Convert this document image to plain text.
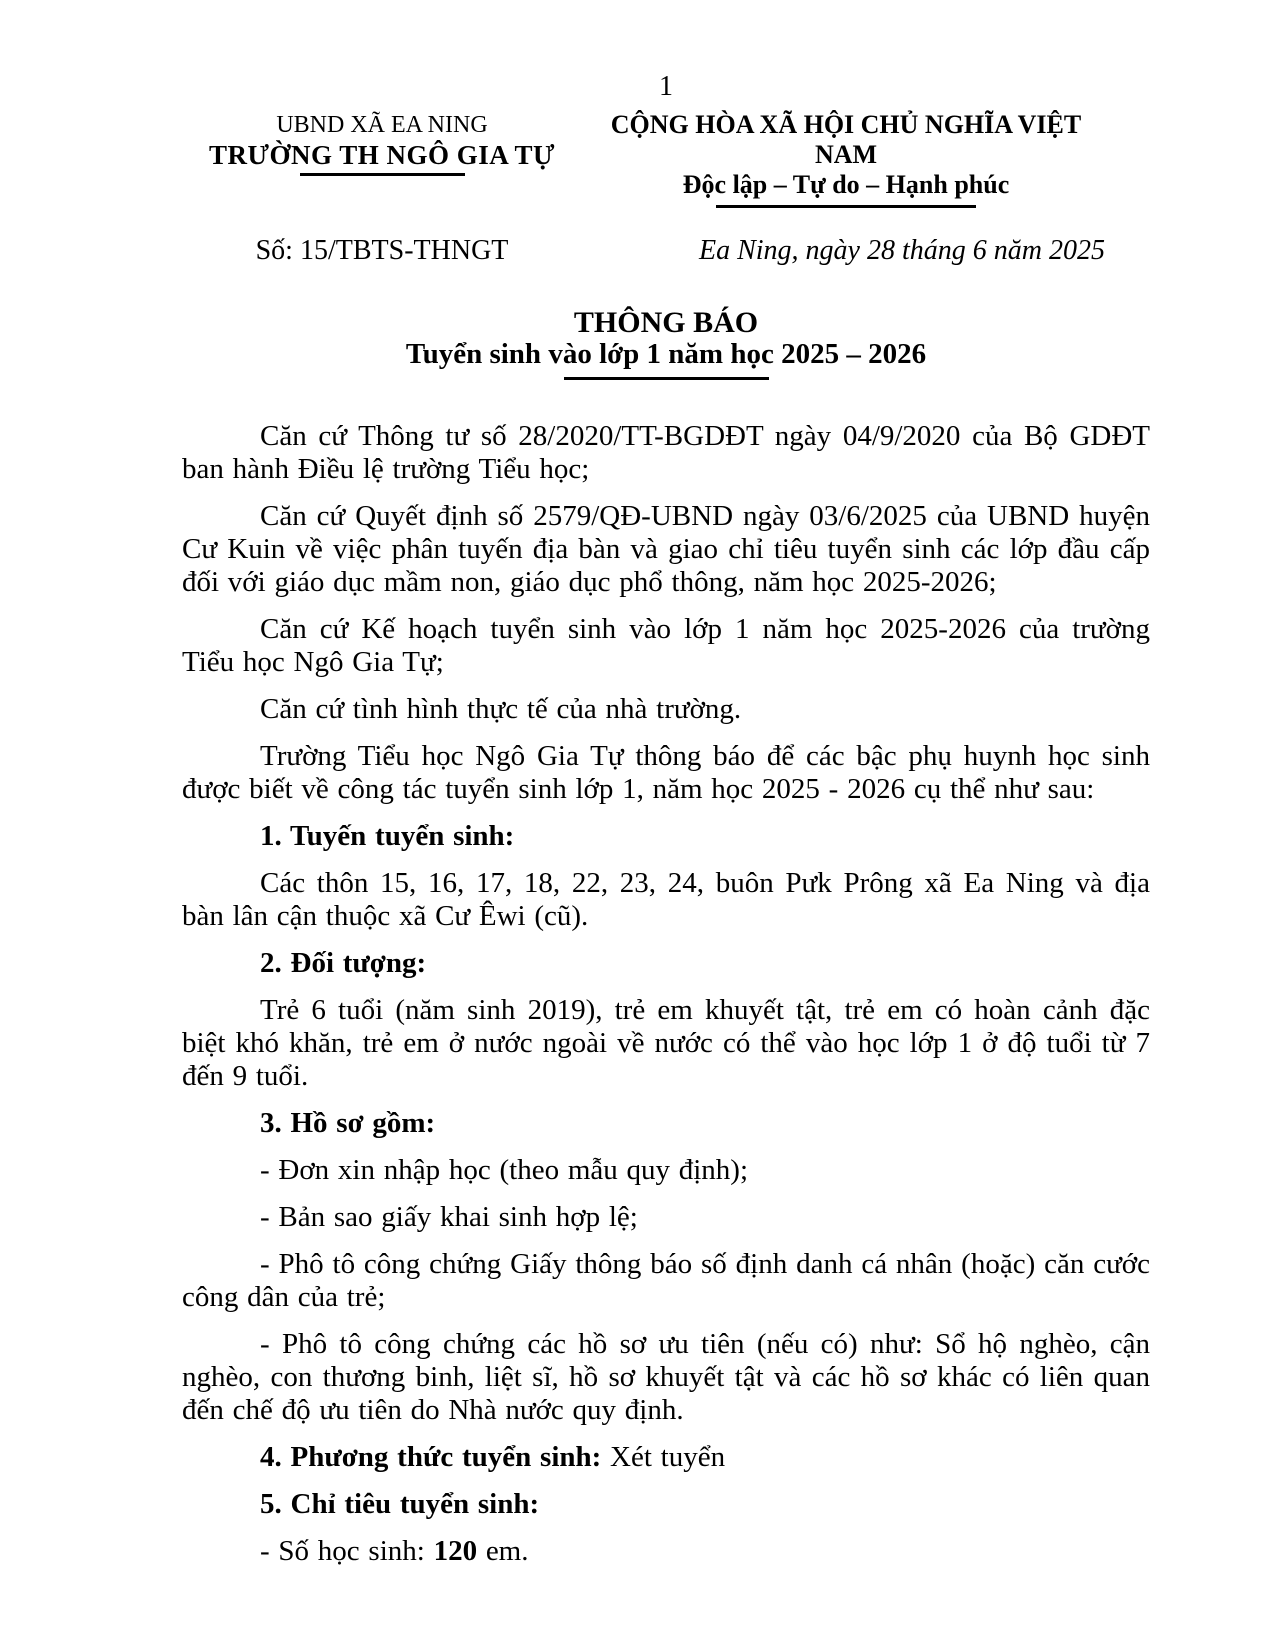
1
UBND XÃ EA NING
TRƯỜNG TH NGÔ GIA TỰ
CỘNG HÒA XÃ HỘI CHỦ NGHĨA VIỆT NAM
Độc lập – Tự do – Hạnh phúc
Số: 15/TBTS-THNGT	Ea Ning, ngày 28 tháng 6 năm 2025
THÔNG BÁO
Tuyển sinh vào lớp 1 năm học 2025 – 2026

Căn cứ Thông tư số 28/2020/TT-BGDĐT ngày 04/9/2020 của Bộ GDĐT ban hành Điều lệ trường Tiểu học;

Căn cứ Quyết định số 2579/QĐ-UBND ngày 03/6/2025 của UBND huyện Cư Kuin về việc phân tuyến địa bàn và giao chỉ tiêu tuyển sinh các lớp đầu cấp đối với giáo dục mầm non, giáo dục phổ thông, năm học 2025-2026;

Căn cứ Kế hoạch tuyển sinh vào lớp 1 năm học 2025-2026 của trường Tiểu học Ngô Gia Tự;

Căn cứ tình hình thực tế của nhà trường.

Trường Tiểu học Ngô Gia Tự thông báo để các bậc phụ huynh học sinh được biết về công tác tuyển sinh lớp 1, năm học 2025 - 2026 cụ thể như sau:

1. Tuyến tuyển sinh:

Các thôn 15, 16, 17, 18, 22, 23, 24, buôn Pưk Prông xã Ea Ning và địa bàn lân cận thuộc xã Cư Êwi (cũ).

2. Đối tượng:

Trẻ 6 tuổi (năm sinh 2019), trẻ em khuyết tật, trẻ em có hoàn cảnh đặc biệt khó khăn, trẻ em ở nước ngoài về nước có thể vào học lớp 1 ở độ tuổi từ 7 đến 9 tuổi.

3. Hồ sơ gồm:

- Đơn xin nhập học (theo mẫu quy định);

- Bản sao giấy khai sinh hợp lệ;

- Phô tô công chứng Giấy thông báo số định danh cá nhân (hoặc) căn cước công dân của trẻ;

- Phô tô công chứng các hồ sơ ưu tiên (nếu có) như: Sổ hộ nghèo, cận nghèo, con thương binh, liệt sĩ, hồ sơ khuyết tật và các hồ sơ khác có liên quan đến chế độ ưu tiên do Nhà nước quy định.

4. Phương thức tuyển sinh: Xét tuyển

5. Chỉ tiêu tuyển sinh:

- Số học sinh: 120 em.
